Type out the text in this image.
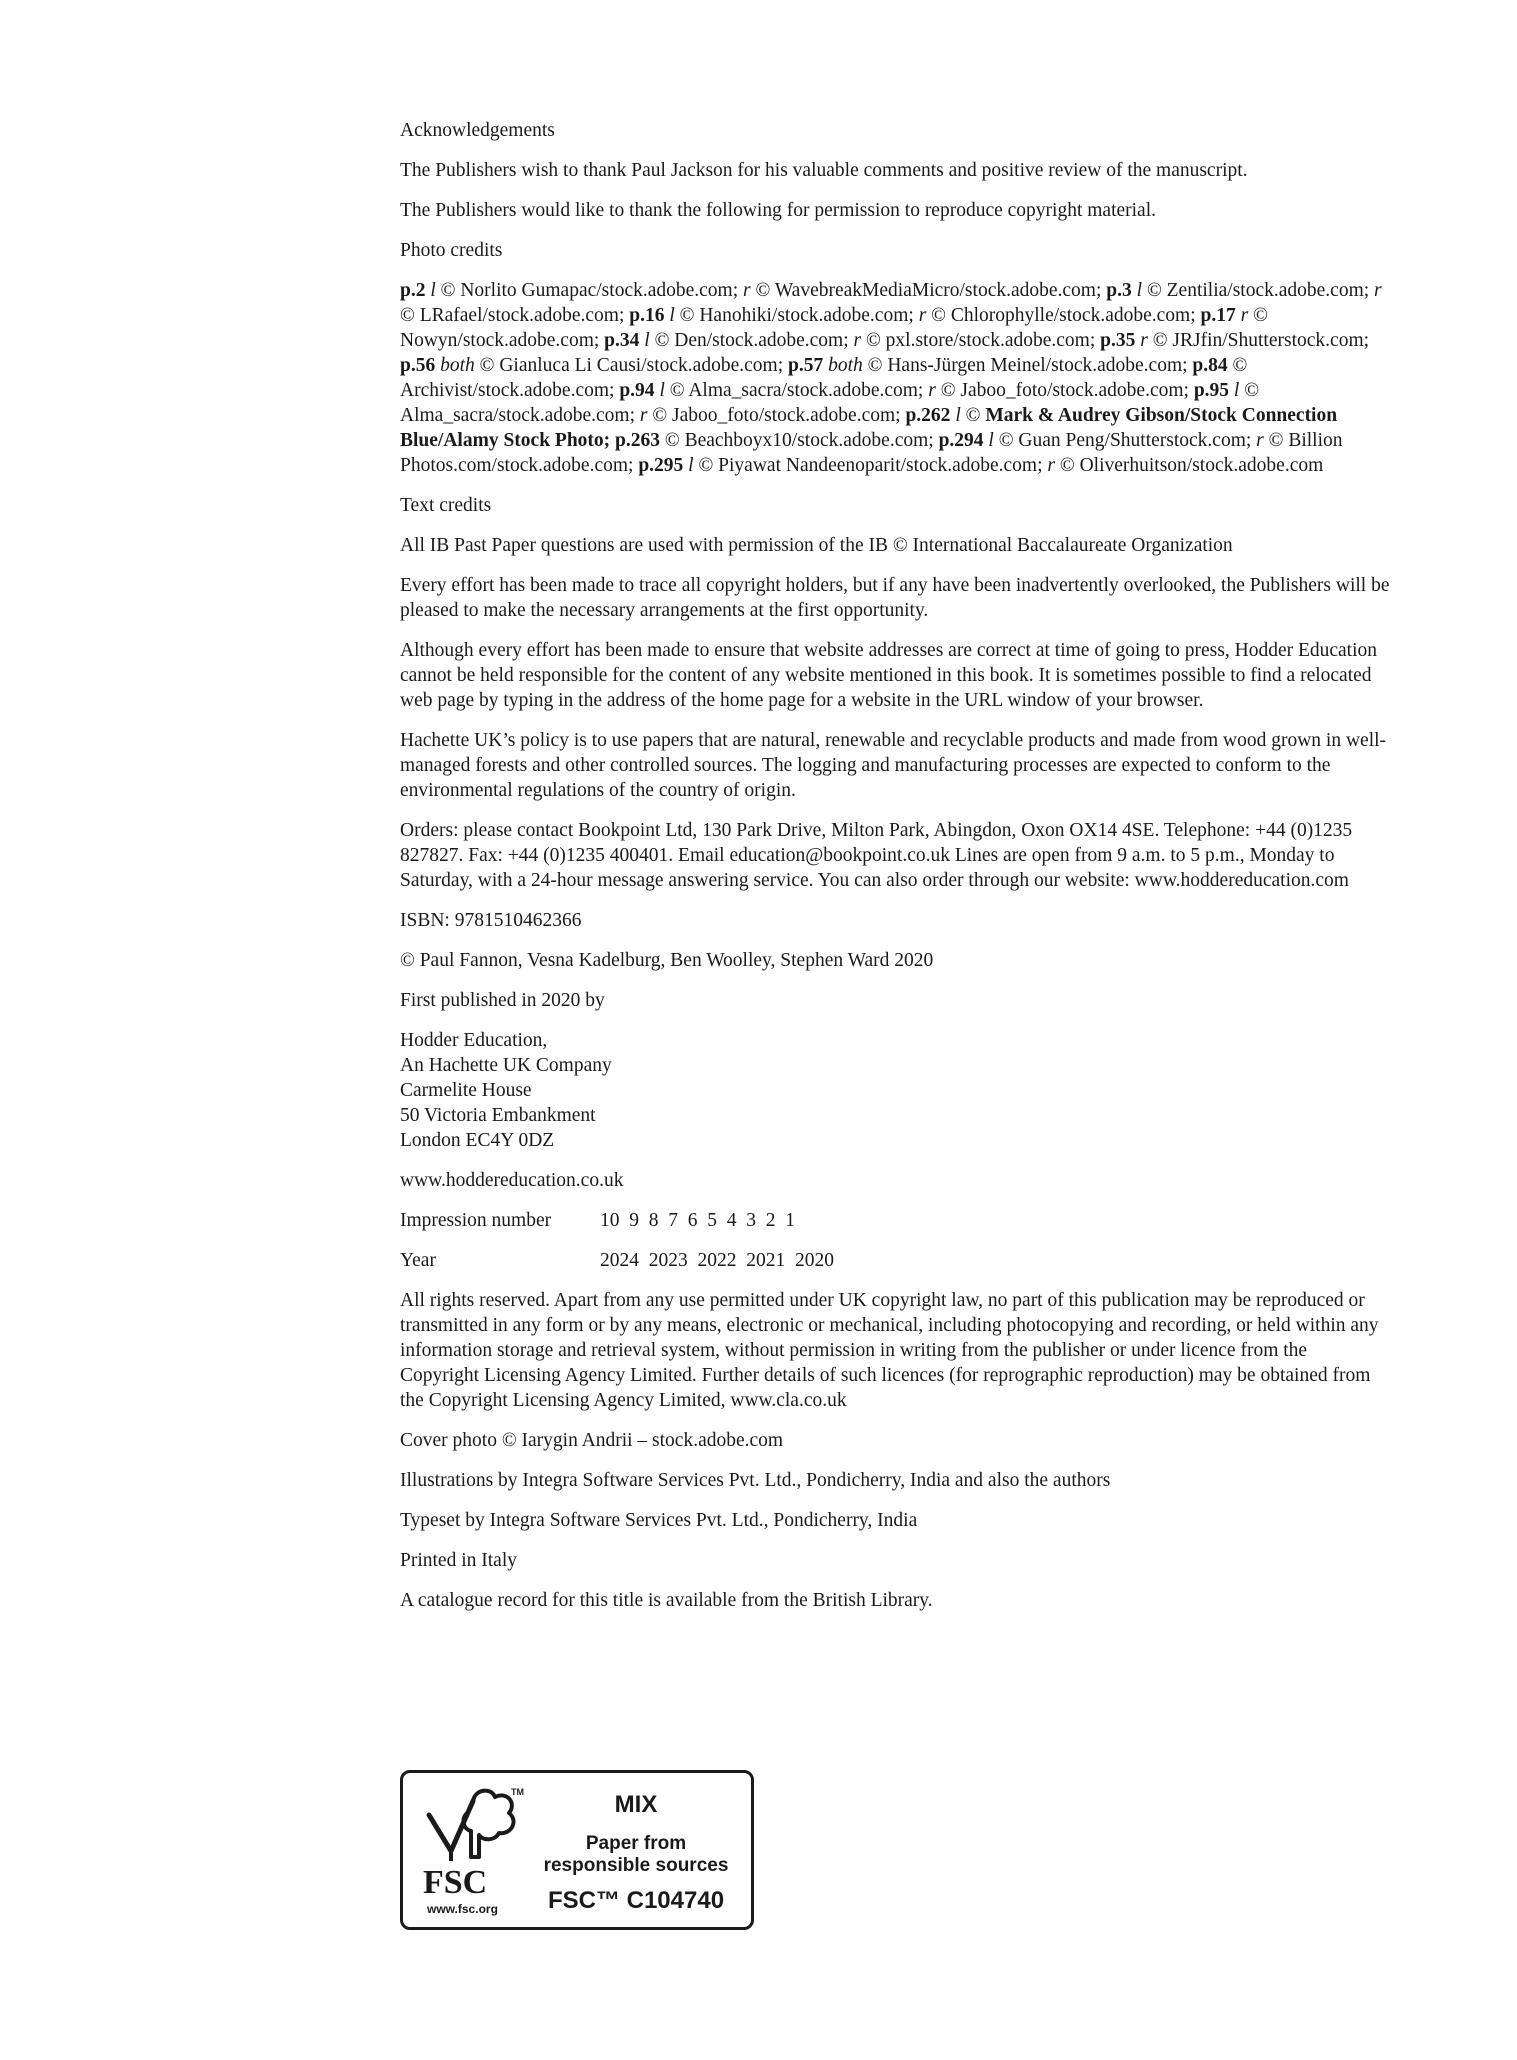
Acknowledgements

The Publishers wish to thank Paul Jackson for his valuable comments and positive review of the manuscript.

The Publishers would like to thank the following for permission to reproduce copyright material.

Photo credits

p.2 l © Norlito Gumapac/stock.adobe.com; r © WavebreakMediaMicro/stock.adobe.com; p.3 l © Zentilia/stock.adobe.com; r © LRafael/stock.adobe.com; p.16 l © Hanohiki/stock.adobe.com; r © Chlorophylle/stock.adobe.com; p.17 r © Nowyn/stock.adobe.com; p.34 l © Den/stock.adobe.com; r © pxl.store/stock.adobe.com; p.35 r © JRJfin/Shutterstock.com; p.56 both © Gianluca Li Causi/stock.adobe.com; p.57 both © Hans-Jürgen Meinel/stock.adobe.com; p.84 © Archivist/stock.adobe.com; p.94 l © Alma_sacra/stock.adobe.com; r © Jaboo_foto/stock.adobe.com; p.95 l © Alma_sacra/stock.adobe.com; r © Jaboo_foto/stock.adobe.com; p.262 l © Mark & Audrey Gibson/Stock Connection Blue/Alamy Stock Photo; p.263 © Beachboyx10/stock.adobe.com; p.294 l © Guan Peng/Shutterstock.com; r © Billion Photos.com/stock.adobe.com; p.295 l © Piyawat Nandeenoparit/stock.adobe.com; r © Oliverhuitson/stock.adobe.com

Text credits

All IB Past Paper questions are used with permission of the IB © International Baccalaureate Organization

Every effort has been made to trace all copyright holders, but if any have been inadvertently overlooked, the Publishers will be pleased to make the necessary arrangements at the first opportunity.

Although every effort has been made to ensure that website addresses are correct at time of going to press, Hodder Education cannot be held responsible for the content of any website mentioned in this book. It is sometimes possible to find a relocated web page by typing in the address of the home page for a website in the URL window of your browser.

Hachette UK’s policy is to use papers that are natural, renewable and recyclable products and made from wood grown in well-managed forests and other controlled sources. The logging and manufacturing processes are expected to conform to the environmental regulations of the country of origin.

Orders: please contact Bookpoint Ltd, 130 Park Drive, Milton Park, Abingdon, Oxon OX14 4SE. Telephone: +44 (0)1235 827827. Fax: +44 (0)1235 400401. Email education@bookpoint.co.uk Lines are open from 9 a.m. to 5 p.m., Monday to Saturday, with a 24-hour message answering service. You can also order through our website: www.hoddereducation.com

ISBN: 9781510462366

© Paul Fannon, Vesna Kadelburg, Ben Woolley, Stephen Ward 2020

First published in 2020 by

Hodder Education,
An Hachette UK Company
Carmelite House
50 Victoria Embankment
London EC4Y 0DZ

www.hoddereducation.co.uk

Impression number	10  9  8  7  6  5  4  3  2  1
Year	2024  2023  2022  2021  2020

All rights reserved. Apart from any use permitted under UK copyright law, no part of this publication may be reproduced or transmitted in any form or by any means, electronic or mechanical, including photocopying and recording, or held within any information storage and retrieval system, without permission in writing from the publisher or under licence from the Copyright Licensing Agency Limited. Further details of such licences (for reprographic reproduction) may be obtained from the Copyright Licensing Agency Limited, www.cla.co.uk

Cover photo © Iarygin Andrii – stock.adobe.com

Illustrations by Integra Software Services Pvt. Ltd., Pondicherry, India and also the authors

Typeset by Integra Software Services Pvt. Ltd., Pondicherry, India

Printed in Italy

A catalogue record for this title is available from the British Library.

TM
FSC
www.fsc.org
MIX
Paper from
responsible sources
FSC™ C104740
